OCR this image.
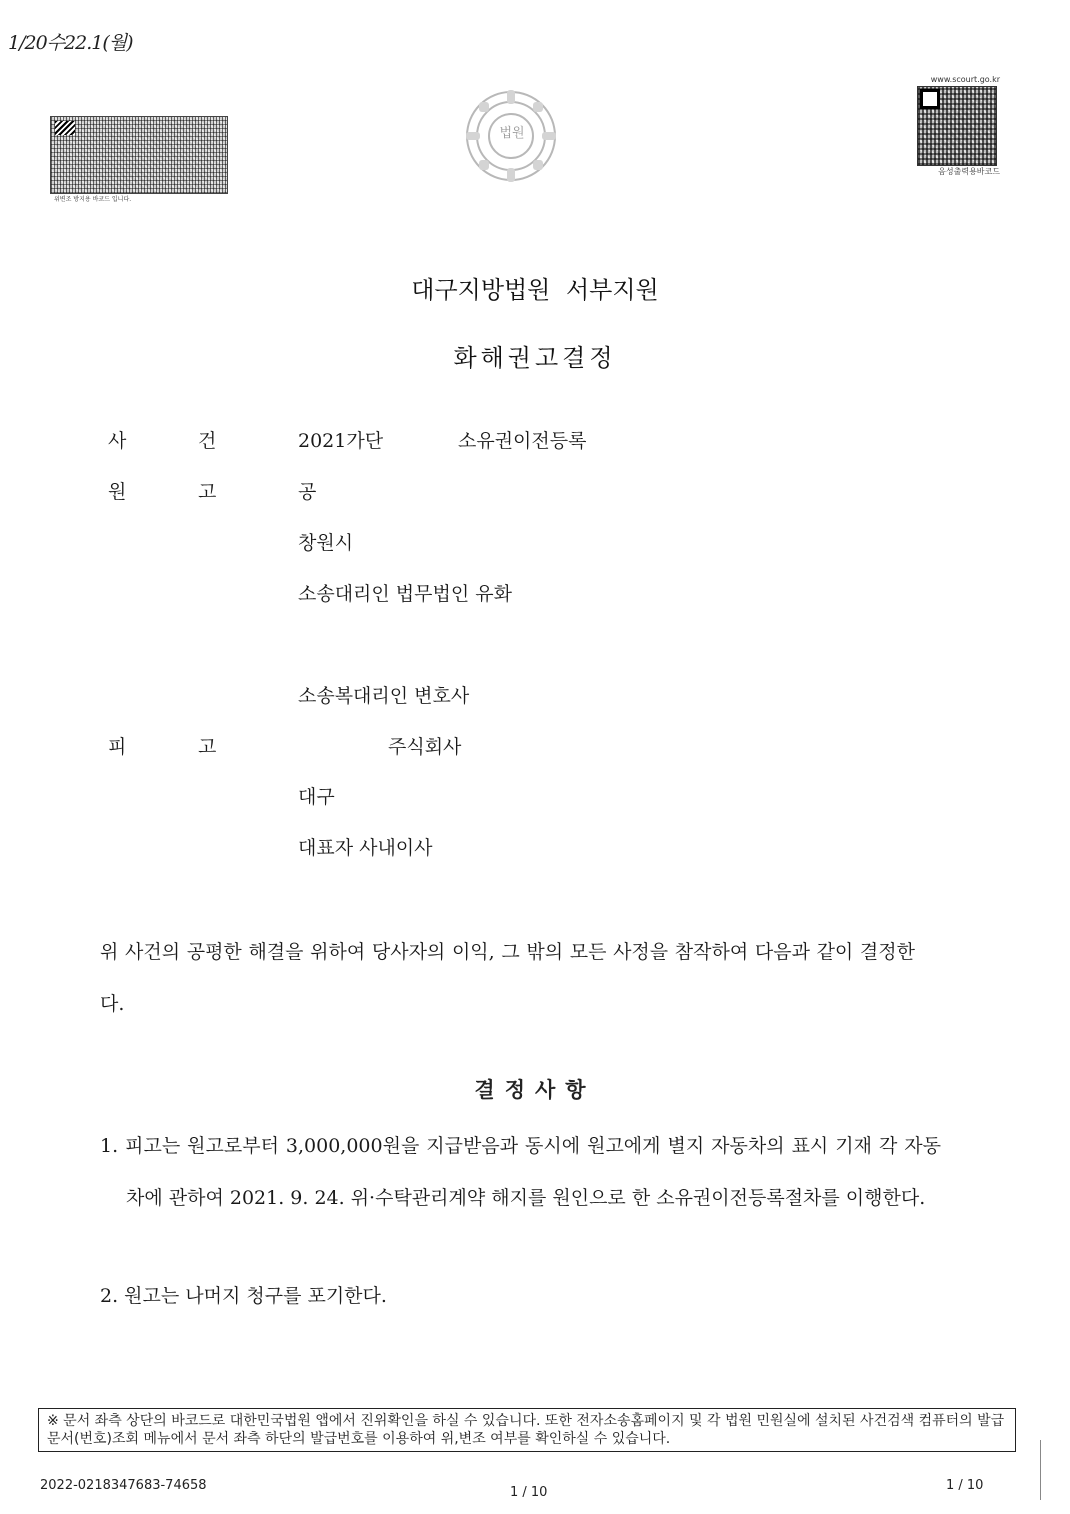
1/20수22.1(월)
위변조 방지용 바코드 입니다.
법원
www.scourt.go.kr
음성출력용바코드
대구지방법원 서부지원
화해권고결정
사	건	2021가단	소유권이전등록
원	고	공
창원시
소송대리인 법무법인 유화
소송복대리인 변호사
피	고	주식회사
대구
대표자 사내이사
위 사건의 공평한 해결을 위하여 당사자의 이익, 그 밖의 모든 사정을 참작하여 다음과 같이 결정한다.
결정사항
1. 피고는 원고로부터 3,000,000원을 지급받음과 동시에 원고에게 별지 자동차의 표시 기재 각 자동차에 관하여 2021. 9. 24. 위·수탁관리계약 해지를 원인으로 한 소유권이전등록절차를 이행한다.
2. 원고는 나머지 청구를 포기한다.
※ 문서 좌측 상단의 바코드로 대한민국법원 앱에서 진위확인을 하실 수 있습니다. 또한 전자소송홈페이지 및 각 법원 민원실에 설치된 사건검색 컴퓨터의 발급문서(번호)조회 메뉴에서 문서 좌측 하단의 발급번호를 이용하여 위,변조 여부를 확인하실 수 있습니다.
2022-0218347683-74658	1 / 10	1 / 10
